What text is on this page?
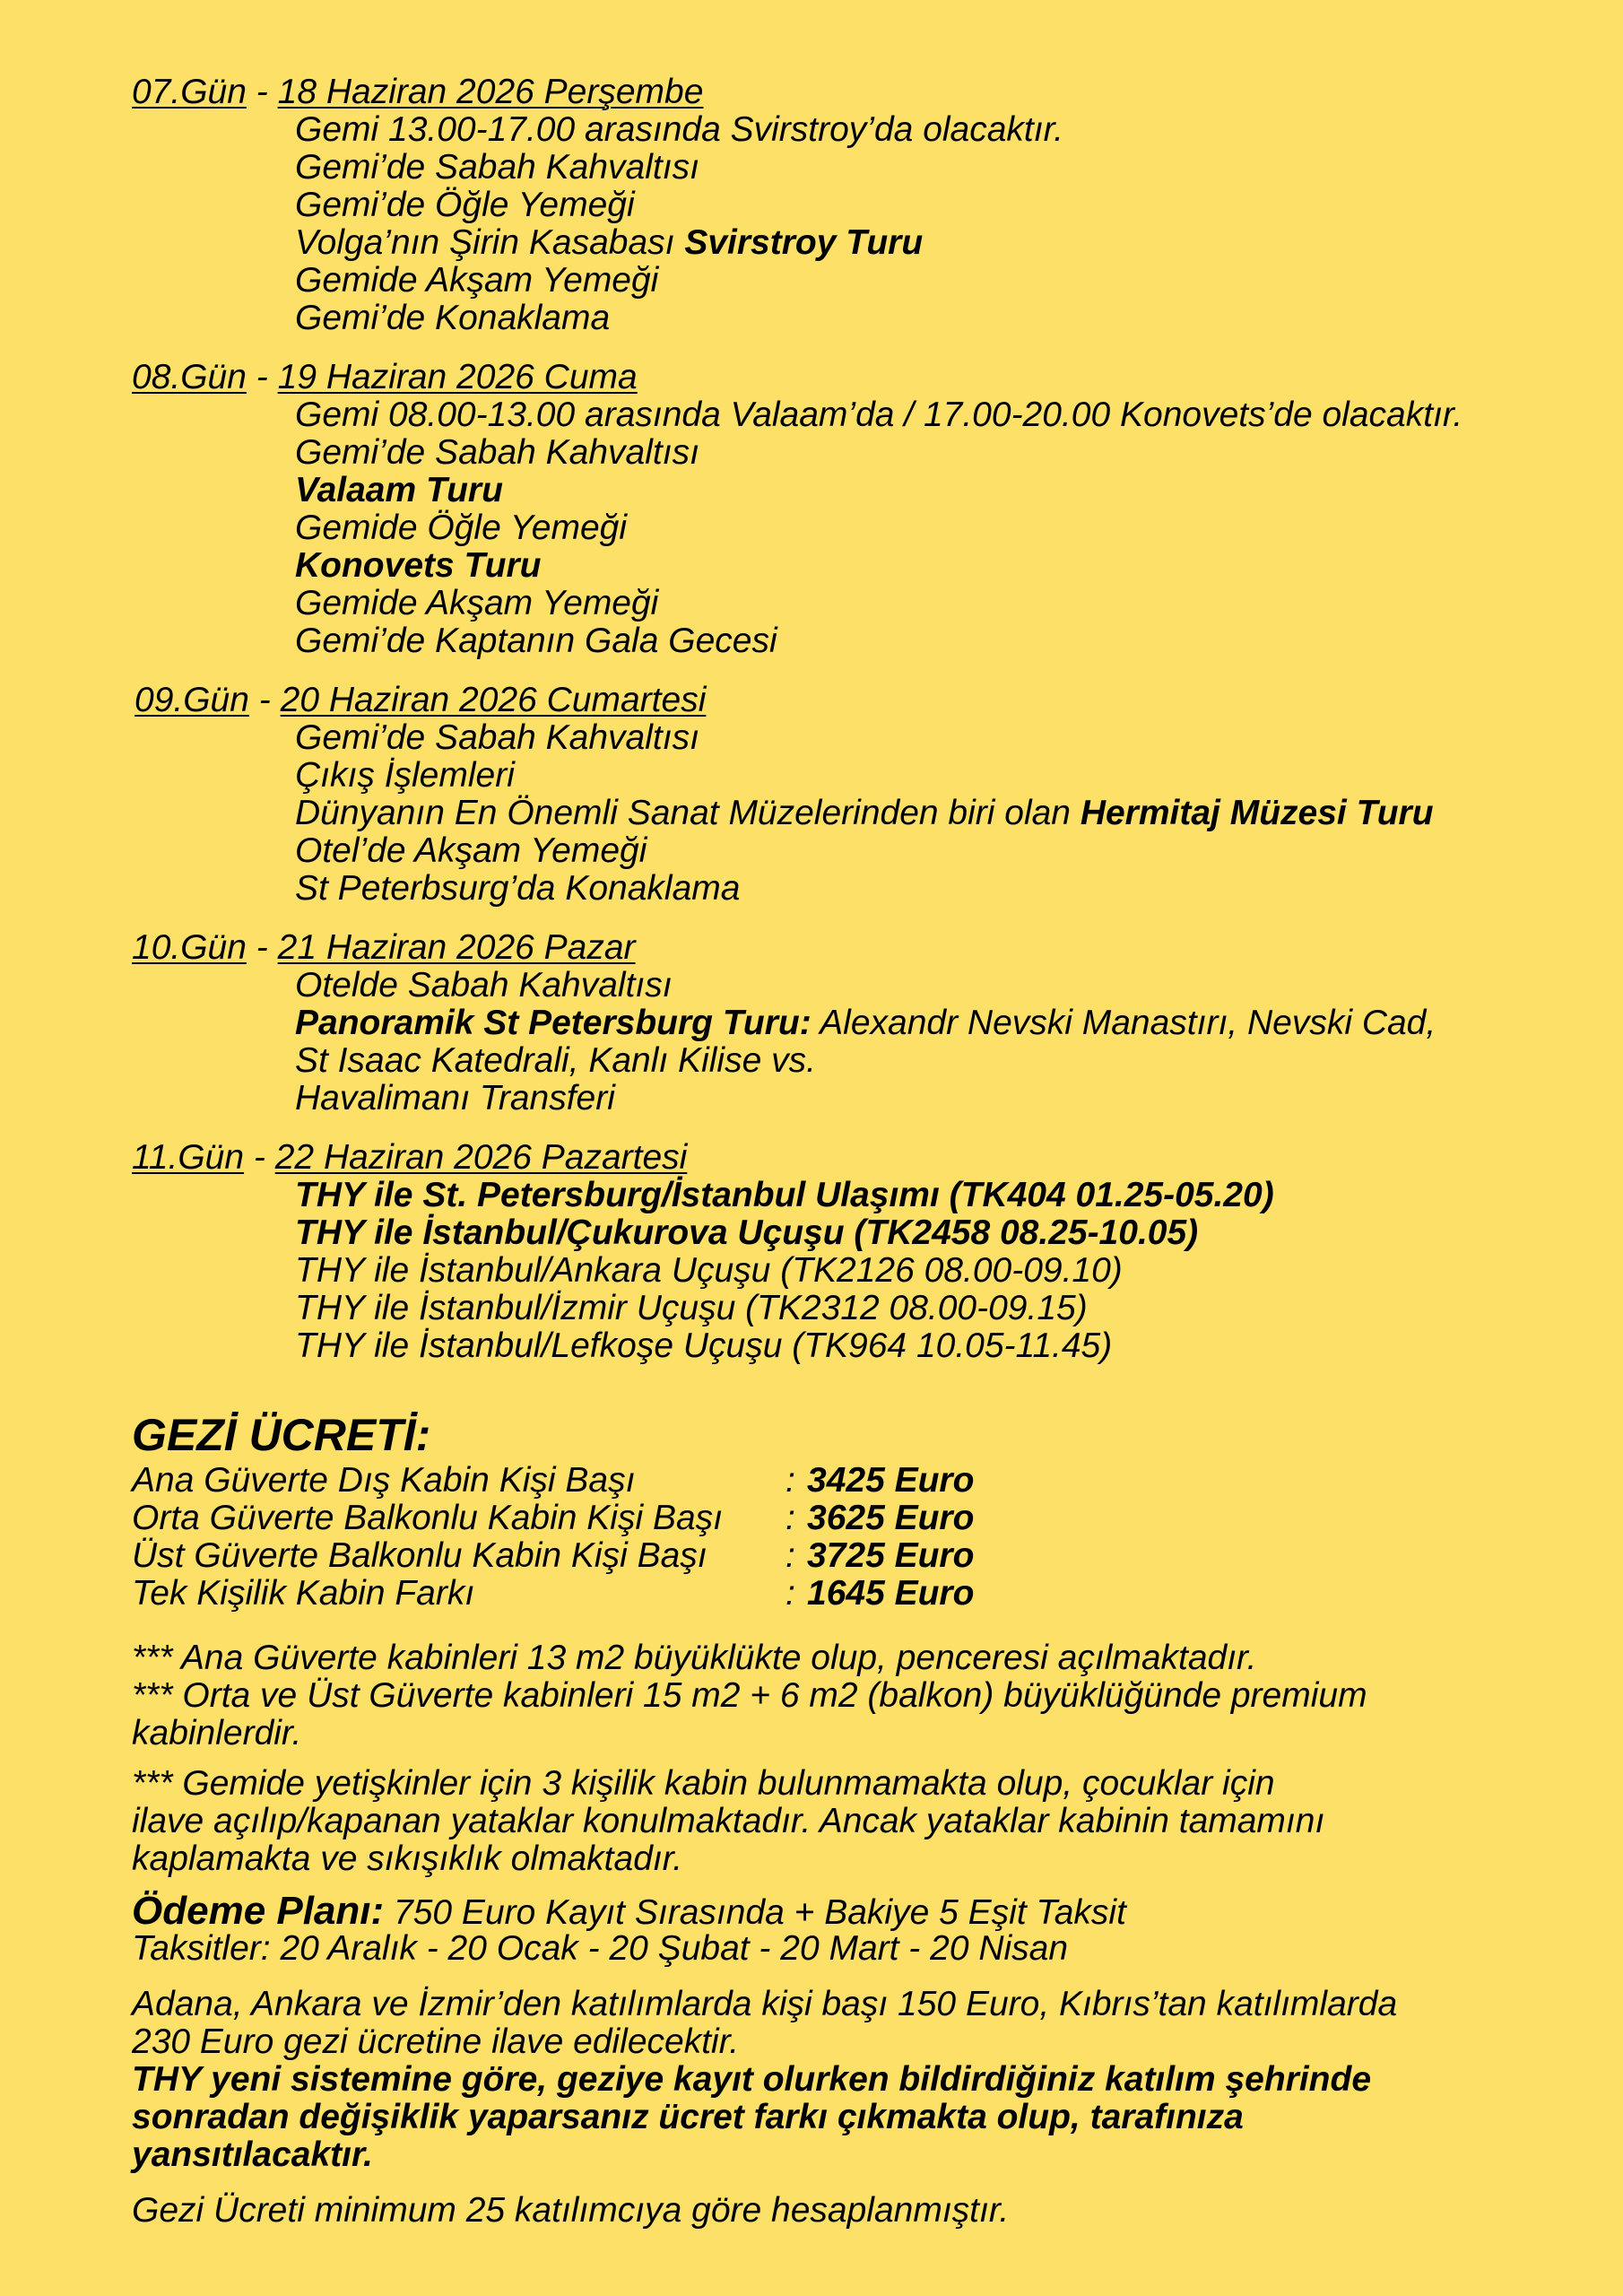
07.Gün - 18 Haziran 2026 Perşembe
Gemi 13.00-17.00 arasında Svirstroy’da olacaktır.
Gemi’de Sabah Kahvaltısı
Gemi’de Öğle Yemeği
Volga’nın Şirin Kasabası Svirstroy Turu
Gemide Akşam Yemeği
Gemi’de Konaklama
08.Gün - 19 Haziran 2026 Cuma
Gemi 08.00-13.00 arasında Valaam’da / 17.00-20.00 Konovets’de olacaktır.
Gemi’de Sabah Kahvaltısı
Valaam Turu
Gemide Öğle Yemeği
Konovets Turu
Gemide Akşam Yemeği
Gemi’de Kaptanın Gala Gecesi
09.Gün - 20 Haziran 2026 Cumartesi
Gemi’de Sabah Kahvaltısı
Çıkış İşlemleri
Dünyanın En Önemli Sanat Müzelerinden biri olan Hermitaj Müzesi Turu
Otel’de Akşam Yemeği
St Peterbsurg’da Konaklama
10.Gün - 21 Haziran 2026 Pazar
Otelde Sabah Kahvaltısı
Panoramik St Petersburg Turu: Alexandr Nevski Manastırı, Nevski Cad,
St Isaac Katedrali, Kanlı Kilise vs.
Havalimanı Transferi
11.Gün - 22 Haziran 2026 Pazartesi
THY ile St. Petersburg/İstanbul Ulaşımı (TK404 01.25-05.20)
THY ile İstanbul/Çukurova Uçuşu (TK2458 08.25-10.05)
THY ile İstanbul/Ankara Uçuşu (TK2126 08.00-09.10)
THY ile İstanbul/İzmir Uçuşu (TK2312 08.00-09.15)
THY ile İstanbul/Lefkoşe Uçuşu (TK964 10.05-11.45)
GEZİ ÜCRETİ:
Ana Güverte Dış Kabin Kişi Başı	: 3425 Euro
Orta Güverte Balkonlu Kabin Kişi Başı : 3625 Euro
Üst Güverte Balkonlu Kabin Kişi Başı : 3725 Euro
Tek Kişilik Kabin Farkı	: 1645 Euro
*** Ana Güverte kabinleri 13 m2 büyüklükte olup, penceresi açılmaktadır.
*** Orta ve Üst Güverte kabinleri 15 m2 + 6 m2 (balkon) büyüklüğünde premium
kabinlerdir.
*** Gemide yetişkinler için 3 kişilik kabin bulunmamakta olup, çocuklar için
ilave açılıp/kapanan yataklar konulmaktadır. Ancak yataklar kabinin tamamını
kaplamakta ve sıkışıklık olmaktadır.
Ödeme Planı: 750 Euro Kayıt Sırasında + Bakiye 5 Eşit Taksit
Taksitler: 20 Aralık - 20 Ocak - 20 Şubat - 20 Mart - 20 Nisan
Adana, Ankara ve İzmir’den katılımlarda kişi başı 150 Euro, Kıbrıs’tan katılımlarda
230 Euro gezi ücretine ilave edilecektir.
THY yeni sistemine göre, geziye kayıt olurken bildirdiğiniz katılım şehrinde
sonradan değişiklik yaparsanız ücret farkı çıkmakta olup, tarafınıza
yansıtılacaktır.
Gezi Ücreti minimum 25 katılımcıya göre hesaplanmıştır.
